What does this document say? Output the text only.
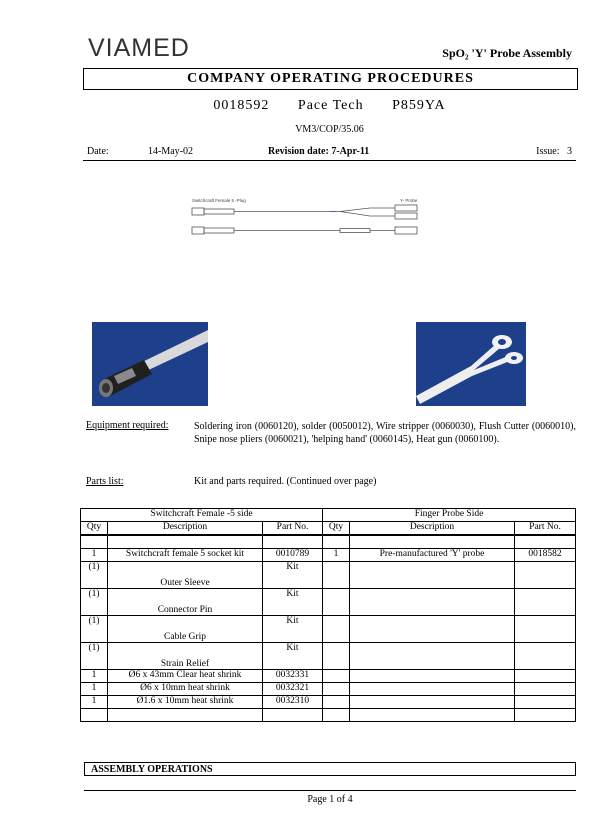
VIAMED	SpO₂ 'Y' Probe Assembly
COMPANY OPERATING PROCEDURES
0018592 Pace Tech P859YA
VM3/COP/35.06
Date:	14-May-02	Revision date: 7-Apr-11	Issue: 3
Switchcraft Female 5 -Plug	Y- Probe
Equipment required:	Soldering iron (0060120), solder (0050012), Wire stripper (0060030), Flush Cutter (0060010), Snipe nose pliers (0060021), 'helping hand' (0060145), Heat gun (0060100).
Parts list:	Kit and parts required. (Continued over page)
Switchcraft Female -5 side			Finger Probe Side		
Qty	Description	Part No.	Qty	Description	Part No.

1	Switchcraft female 5 socket kit	0010789	1	Pre-manufactured 'Y' probe	0018582
(1)	Outer Sleeve	Kit			
(1)	Connector Pin	Kit			
(1)	Cable Grip	Kit			
(1)	Strain Relief	Kit			
1	Ø6 x 43mm Clear heat shrink	0032331			
1	Ø6 x 10mm heat shrink	0032321			
1	Ø1.6 x 10mm heat shrink	0032310			

ASSEMBLY OPERATIONS
Page 1 of 4
